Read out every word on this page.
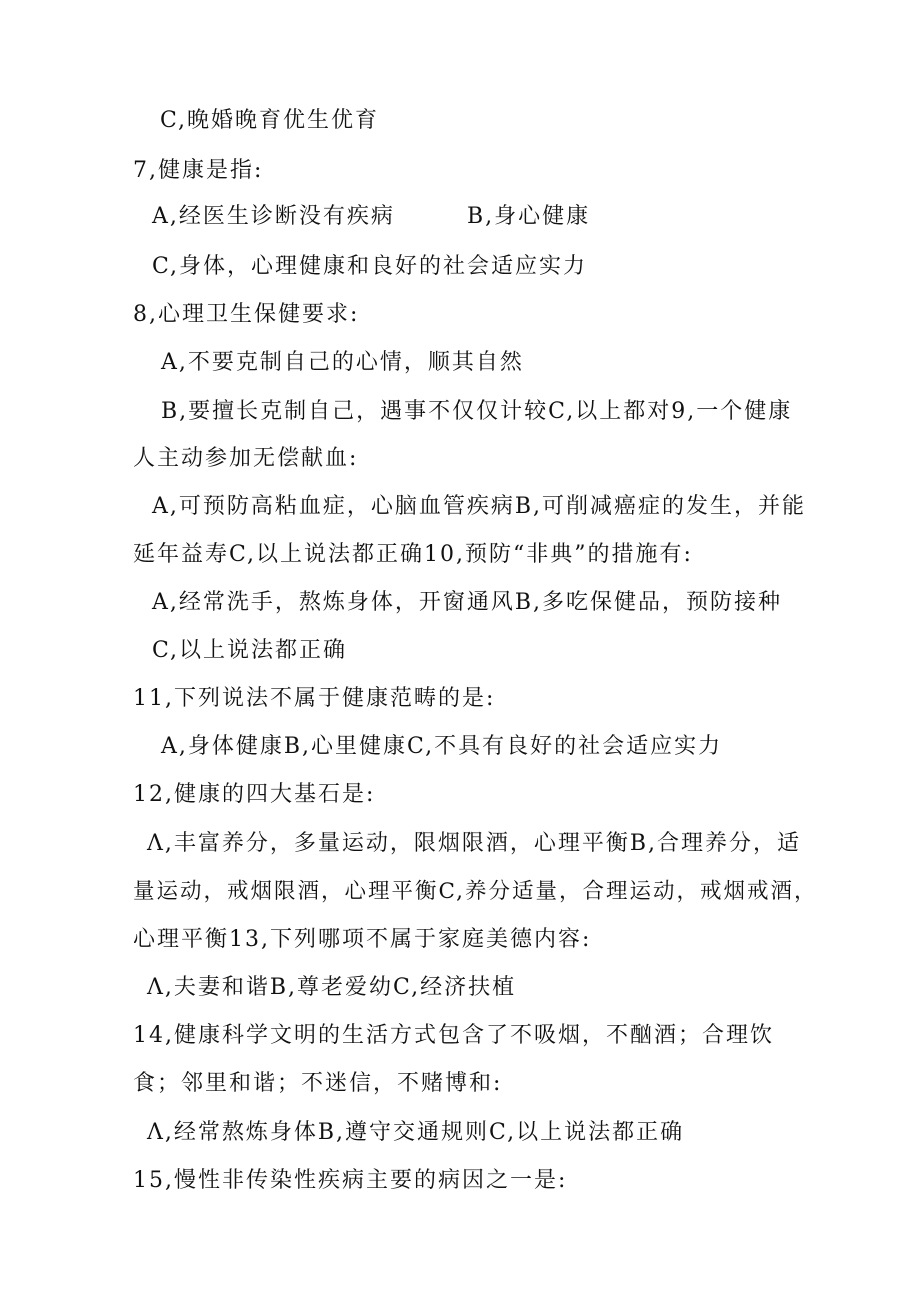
C,晚婚晚育优生优育
7,健康是指:
A,经医生诊断没有疾病	B,身心健康
C,身体，心理健康和良好的社会适应实力
8,心理卫生保健要求:
A,不要克制自己的心情，顺其自然
B,要擅长克制自己，遇事不仅仅计较C,以上都对9,一个健康
人主动参加无偿献血:
A,可预防高粘血症，心脑血管疾病B,可削减癌症的发生，并能
延年益寿C,以上说法都正确10,预防“非典”的措施有:
A,经常洗手，熬炼身体，开窗通风B,多吃保健品，预防接种
C,以上说法都正确
11,下列说法不属于健康范畴的是:
A,身体健康B,心里健康C,不具有良好的社会适应实力
12,健康的四大基石是:
Λ,丰富养分，多量运动，限烟限酒，心理平衡B,合理养分，适
量运动，戒烟限酒，心理平衡C,养分适量，合理运动，戒烟戒酒，
心理平衡13,下列哪项不属于家庭美德内容:
Λ,夫妻和谐B,尊老爱幼C,经济扶植
14,健康科学文明的生活方式包含了不吸烟，不酗酒；合理饮
食；邻里和谐；不迷信，不赌博和:
Λ,经常熬炼身体B,遵守交通规则C,以上说法都正确
15,慢性非传染性疾病主要的病因之一是:
